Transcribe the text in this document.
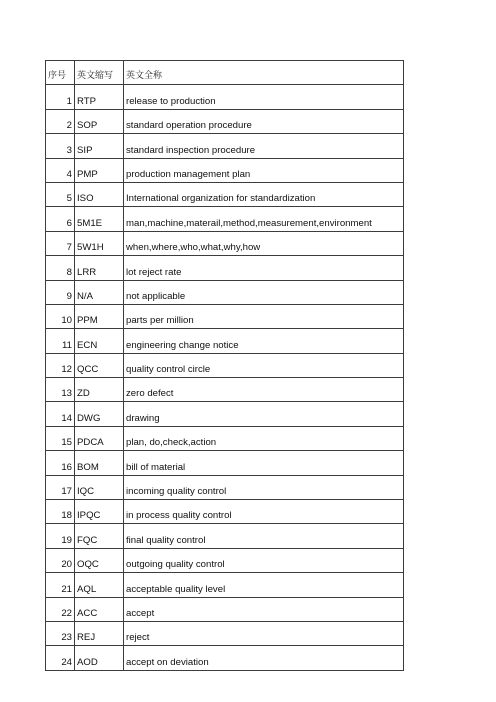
序号	英文缩写	英文全称
1	RTP	release to production
2	SOP	standard operation procedure
3	SIP	standard inspection procedure
4	PMP	production management plan
5	ISO	International organization for standardization
6	5M1E	man,machine,materail,method,measurement,environment
7	5W1H	when,where,who,what,why,how
8	LRR	lot reject rate
9	N/A	not applicable
10	PPM	parts per million
11	ECN	engineering change notice
12	QCC	quality control circle
13	ZD	zero defect
14	DWG	drawing
15	PDCA	plan, do,check,action
16	BOM	bill of material
17	IQC	incoming quality control
18	IPQC	in process quality control
19	FQC	final quality control
20	OQC	outgoing quality control
21	AQL	acceptable quality level
22	ACC	accept
23	REJ	reject
24	AOD	accept on deviation
